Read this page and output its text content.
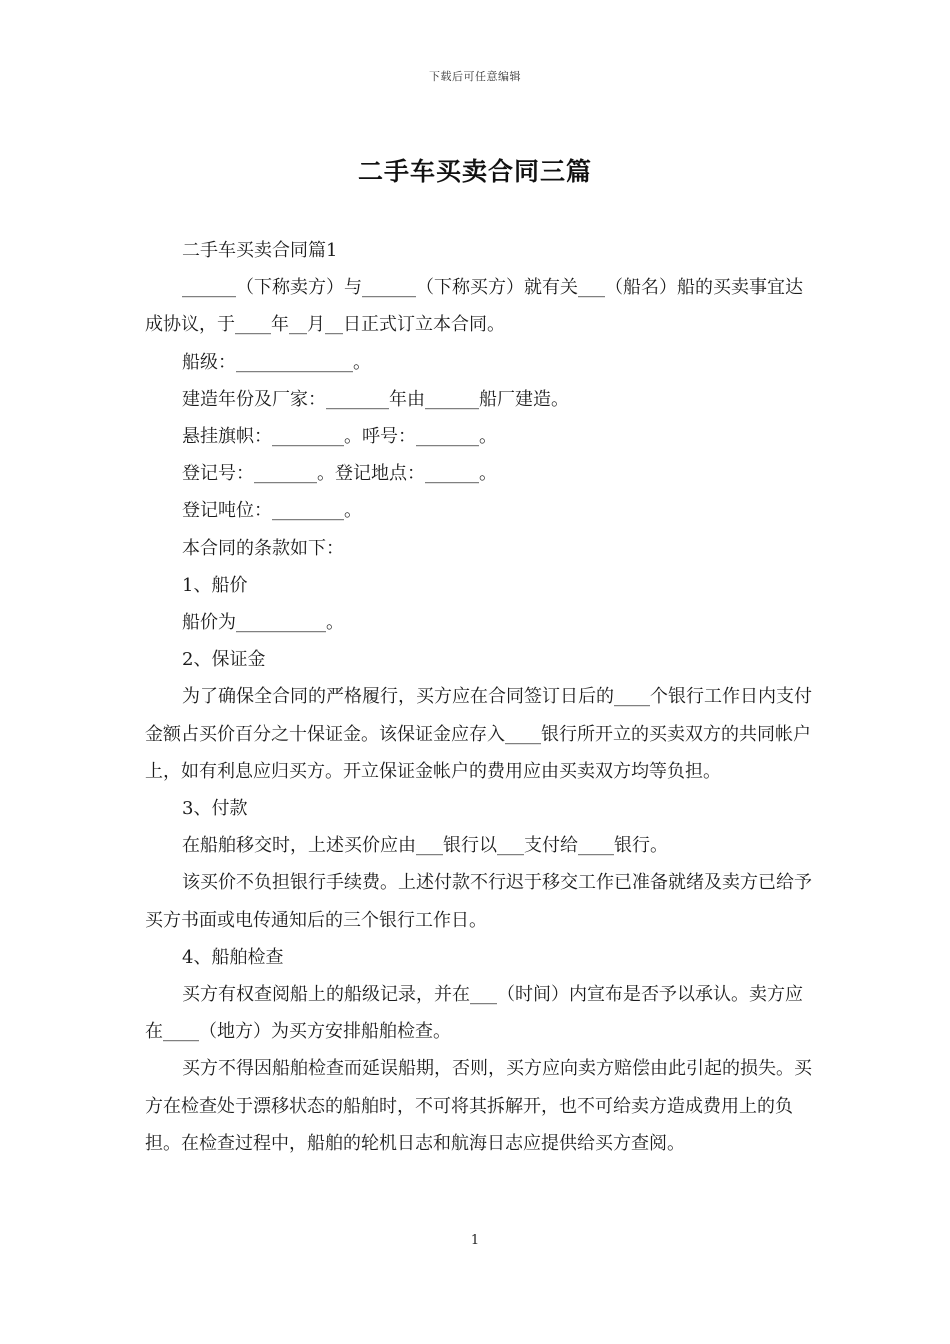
下载后可任意编辑
二手车买卖合同三篇

二手车买卖合同篇1

______（下称卖方）与______（下称买方）就有关___（船名）船的买卖事宜达成协议，于____年__月__日正式订立本合同。

船级：_____________。

建造年份及厂家：_______年由______船厂建造。

悬挂旗帜：________。呼号：_______。

登记号：_______。登记地点：______。

登记吨位：________。

本合同的条款如下：

1、船价

船价为__________。

2、保证金

为了确保全合同的严格履行，买方应在合同签订日后的____个银行工作日内支付金额占买价百分之十保证金。该保证金应存入____银行所开立的买卖双方的共同帐户上，如有利息应归买方。开立保证金帐户的费用应由买卖双方均等负担。

3、付款

在船舶移交时，上述买价应由___银行以___支付给____银行。

该买价不负担银行手续费。上述付款不行迟于移交工作已准备就绪及卖方已给予买方书面或电传通知后的三个银行工作日。

4、船舶检查

买方有权查阅船上的船级记录，并在___（时间）内宣布是否予以承认。卖方应在____（地方）为买方安排船舶检查。

买方不得因船舶检查而延误船期，否则，买方应向卖方赔偿由此引起的损失。买方在检查处于漂移状态的船舶时，不可将其拆解开，也不可给卖方造成费用上的负担。在检查过程中，船舶的轮机日志和航海日志应提供给买方查阅。

1
